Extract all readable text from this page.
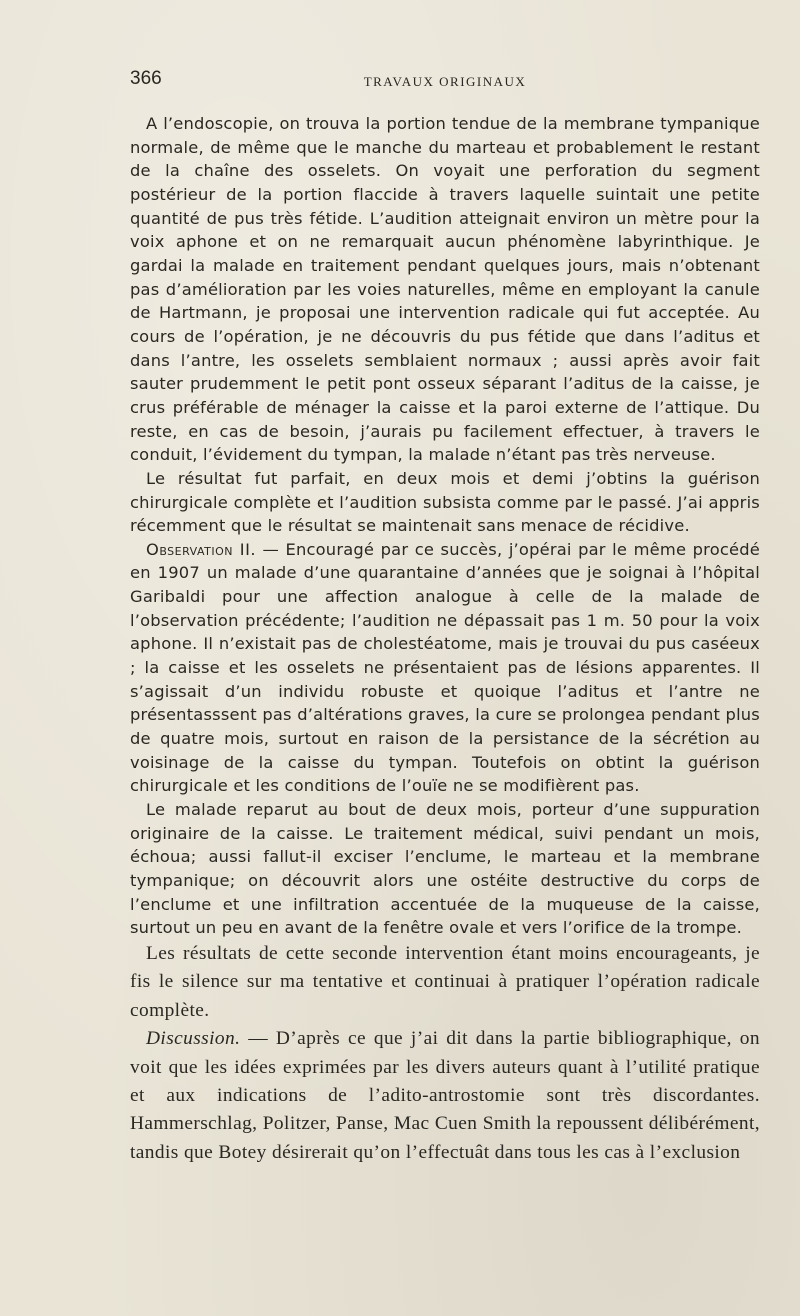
366	TRAVAUX ORIGINAUX

A l’endoscopie, on trouva la portion tendue de la membrane tympanique normale, de même que le manche du marteau et probablement le restant de la chaîne des osselets. On voyait une perforation du segment postérieur de la portion flaccide à travers laquelle suintait une petite quantité de pus très fétide. L’audition atteignait environ un mètre pour la voix aphone et on ne remarquait aucun phénomène labyrinthique. Je gardai la malade en traitement pendant quelques jours, mais n’obtenant pas d’amélioration par les voies naturelles, même en employant la canule de Hartmann, je proposai une intervention radicale qui fut acceptée. Au cours de l’opération, je ne découvris du pus fétide que dans l’aditus et dans l’antre, les osselets semblaient normaux ; aussi après avoir fait sauter prudemment le petit pont osseux séparant l’aditus de la caisse, je crus préférable de ménager la caisse et la paroi externe de l’attique. Du reste, en cas de besoin, j’aurais pu facilement effectuer, à travers le conduit, l’évidement du tympan, la malade n’étant pas très nerveuse.

Le résultat fut parfait, en deux mois et demi j’obtins la guérison chirurgicale complète et l’audition subsista comme par le passé. J’ai appris récemment que le résultat se maintenait sans menace de récidive.

Observation II. — Encouragé par ce succès, j’opérai par le même procédé en 1907 un malade d’une quarantaine d’années que je soignai à l’hôpital Garibaldi pour une affection analogue à celle de la malade de l’observation précédente; l’audition ne dépassait pas 1 m. 50 pour la voix aphone. Il n’existait pas de cholestéatome, mais je trouvai du pus caséeux ; la caisse et les osselets ne présentaient pas de lésions apparentes. Il s’agissait d’un individu robuste et quoique l’aditus et l’antre ne présentasssent pas d’altérations graves, la cure se prolongea pendant plus de quatre mois, surtout en raison de la persistance de la sécrétion au voisinage de la caisse du tympan. Toutefois on obtint la guérison chirurgicale et les conditions de l’ouïe ne se modifièrent pas.

Le malade reparut au bout de deux mois, porteur d’une suppuration originaire de la caisse. Le traitement médical, suivi pendant un mois, échoua; aussi fallut-il exciser l’enclume, le marteau et la membrane tympanique; on découvrit alors une ostéite destructive du corps de l’enclume et une infiltration accentuée de la muqueuse de la caisse, surtout un peu en avant de la fenêtre ovale et vers l’orifice de la trompe.

Les résultats de cette seconde intervention étant moins encourageants, je fis le silence sur ma tentative et continuai à pratiquer l’opération radicale complète.

Discussion. — D’après ce que j’ai dit dans la partie bibliographique, on voit que les idées exprimées par les divers auteurs quant à l’utilité pratique et aux indications de l’adito-antrostomie sont très discordantes. Hammerschlag, Politzer, Panse, Mac Cuen Smith la repoussent délibérément, tandis que Botey désirerait qu’on l’effectuât dans tous les cas à l’exclusion
